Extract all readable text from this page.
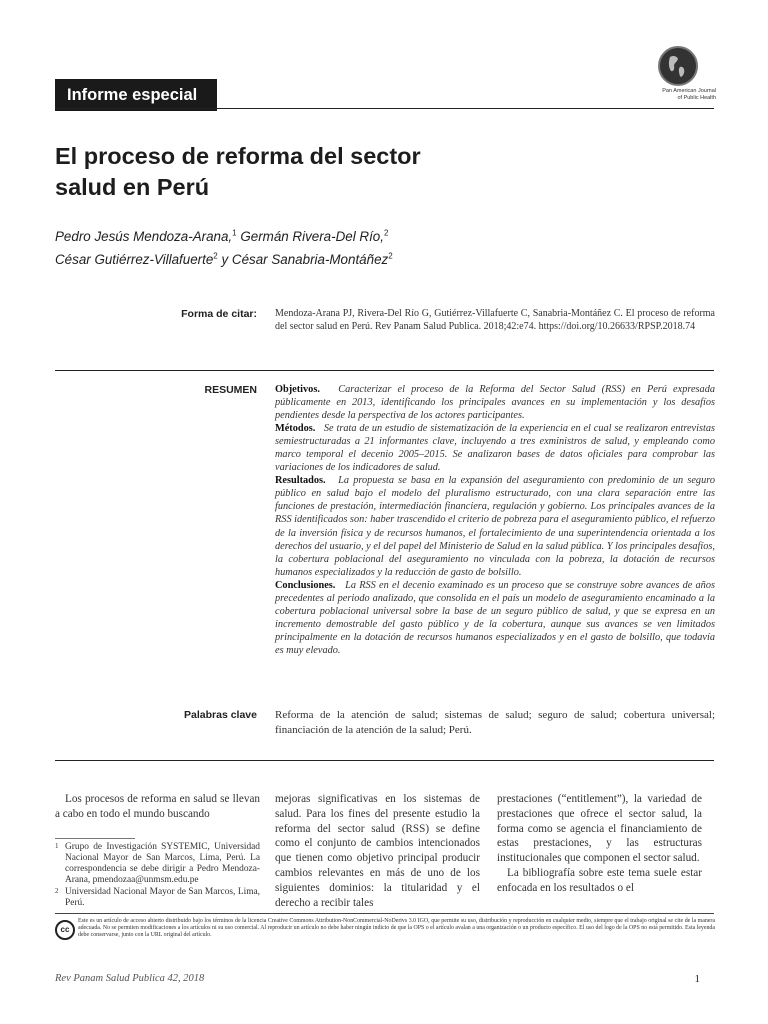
Informe especial	Pan American Journal
of Public Health
El proceso de reforma del sector salud en Perú
Pedro Jesús Mendoza-Arana,$^1$ Germán Rivera-Del Río,$^2$
César Gutiérrez-Villafuerte$^2$ y César Sanabria-Montáñez$^2$
Forma de citar: Mendoza-Arana PJ, Rivera-Del Río G, Gutiérrez-Villafuerte C, Sanabria-Montáñez C. El proceso de reforma del sector salud en Perú. Rev Panam Salud Publica. 2018;42:e74. https://doi.org/10.26633/RPSP.2018.74
RESUMEN Objetivos. Caracterizar el proceso de la Reforma del Sector Salud (RSS) en Perú expresada públicamente en 2013, identificando los principales avances en su implementación y los desafíos pendientes desde la perspectiva de los actores participantes.

Métodos. Se trata de un estudio de sistematización de la experiencia en el cual se realizaron entrevistas semiestructuradas a 21 informantes clave, incluyendo a tres exministros de salud, y empleando como marco temporal el decenio 2005–2015. Se analizaron bases de datos oficiales para comprobar las variaciones de los indicadores de salud.

Resultados. La propuesta se basa en la expansión del aseguramiento con predominio de un seguro público en salud bajo el modelo del pluralismo estructurado, con una clara separación entre las funciones de prestación, intermediación financiera, regulación y gobierno. Los principales avances de la RSS identificados son: haber trascendido el criterio de pobreza para el aseguramiento público, el refuerzo de la inversión física y de recursos humanos, el fortalecimiento de una superintendencia orientada a los derechos del usuario, y el del papel del Ministerio de Salud en la salud pública. Y los principales desafíos, la cobertura poblacional del aseguramiento no vinculada con la pobreza, la dotación de recursos humanos especializados y la reducción de gasto de bolsillo.

Conclusiones. La RSS en el decenio examinado es un proceso que se construye sobre avances de años precedentes al periodo analizado, que consolida en el país un modelo de aseguramiento encaminado a la cobertura poblacional universal sobre la base de un seguro público de salud, y que se expresa en un incremento demostrable del gasto público y de la cobertura, aunque sus avances se ven limitados principalmente en la dotación de recursos humanos especializados y en el gasto de bolsillo, que todavía es muy elevado.

Palabras clave Reforma de la atención de salud; sistemas de salud; seguro de salud; cobertura universal; financiación de la atención de la salud; Perú.

Los procesos de reforma en salud se llevan a cabo en todo el mundo buscando

1 Grupo de Investigación SYSTEMIC, Universidad Nacional Mayor de San Marcos, Lima, Perú. La correspondencia se debe dirigir a Pedro Mendoza-Arana, pmendozaa@unmsm.edu.pe
2 Universidad Nacional Mayor de San Marcos, Lima, Perú.

mejoras significativas en los sistemas de salud. Para los fines del presente estudio la reforma del sector salud (RSS) se define como el conjunto de cambios intencionados que tienen como objetivo principal producir cambios relevantes en más de uno de los siguientes dominios: la titularidad y el derecho a recibir tales

prestaciones (“entitlement”), la variedad de prestaciones que ofrece el sector salud, la forma como se agencia el financiamiento de estas prestaciones, y las estructuras institucionales que componen el sector salud.

La bibliografía sobre este tema suele estar enfocada en los resultados o el

cc
Este es un artículo de acceso abierto distribuido bajo los términos de la licencia Creative Commons Attribution-NonCommercial-NoDerivs 3.0 IGO, que permite su uso, distribución y reproducción en cualquier medio, siempre que el trabajo original se cite de la manera adecuada. No se permiten modificaciones a los artículos ni su uso comercial. Al reproducir un artículo no debe haber ningún indicio de que la OPS o el artículo avalan a una organización o un producto específico. El uso del logo de la OPS no está permitido. Esta leyenda debe conservarse, junto con la URL original del artículo.
Rev Panam Salud Publica 42, 2018	1
